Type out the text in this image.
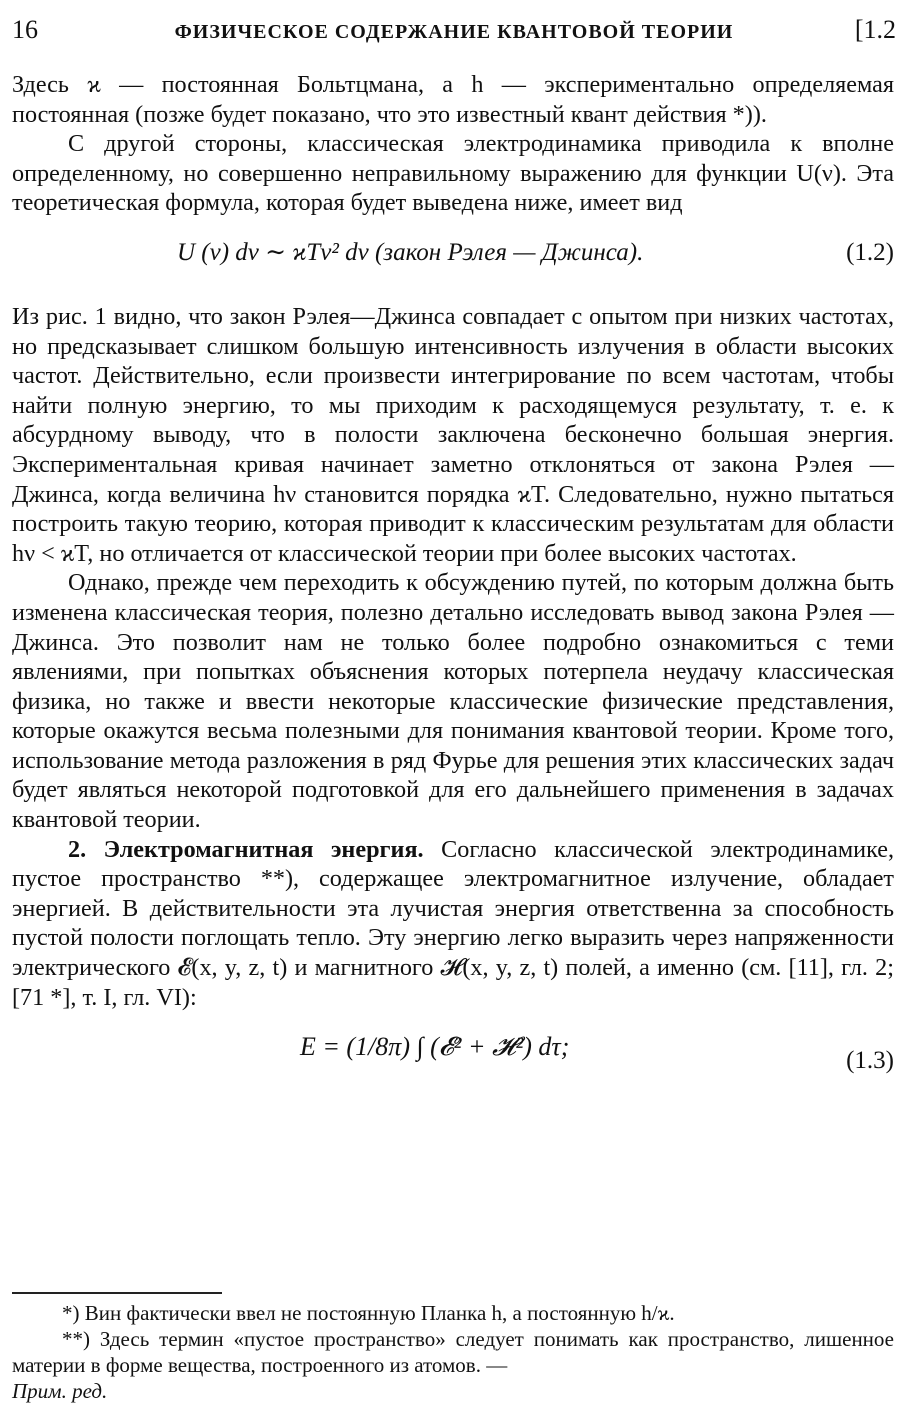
16	ФИЗИЧЕСКОЕ СОДЕРЖАНИЕ КВАНТОВОЙ ТЕОРИИ	[1.2

Здесь ϰ — постоянная Больтцмана, а h — экспериментально определяемая постоянная (позже будет показано, что это известный квант действия *)).

С другой стороны, классическая электродинамика приводила к вполне определенному, но совершенно неправильному выражению для функции U(ν). Эта теоретическая формула, которая будет выведена ниже, имеет вид

U (ν) dν ∼ ϰTν² dν (закон Рэлея — Джинса).	(1.2)

Из рис. 1 видно, что закон Рэлея—Джинса совпадает с опытом при низких частотах, но предсказывает слишком большую интенсивность излучения в области высоких частот. Действительно, если произвести интегрирование по всем частотам, чтобы найти полную энергию, то мы приходим к расходящемуся результату, т. е. к абсурдному выводу, что в полости заключена бесконечно большая энергия. Экспериментальная кривая начинает заметно отклоняться от закона Рэлея — Джинса, когда величина hν становится порядка ϰT. Следовательно, нужно пытаться построить такую теорию, которая приводит к классическим результатам для области hν < ϰT, но отличается от классической теории при более высоких частотах.

Однако, прежде чем переходить к обсуждению путей, по которым должна быть изменена классическая теория, полезно детально исследовать вывод закона Рэлея — Джинса. Это позволит нам не только более подробно ознакомиться с теми явлениями, при попытках объяснения которых потерпела неудачу классическая физика, но также и ввести некоторые классические физические представления, которые окажутся весьма полезными для понимания квантовой теории. Кроме того, использование метода разложения в ряд Фурье для решения этих классических задач будет являться некоторой подготовкой для его дальнейшего применения в задачах квантовой теории.

2. Электромагнитная энергия. Согласно классической электродинамике, пустое пространство **), содержащее электромагнитное излучение, обладает энергией. В действительности эта лучистая энергия ответственна за способность пустой полости поглощать тепло. Эту энергию легко выразить через напряженности электрического 𝓔(x, y, z, t) и магнитного 𝓗(x, y, z, t) полей, а именно (см. [11], гл. 2; [71 *], т. I, гл. VI):

E = (1/8π) ∫ (𝓔² + 𝓗²) dτ;	(1.3)

*) Вин фактически ввел не постоянную Планка h, а постоянную h/ϰ.

**) Здесь термин «пустое пространство» следует понимать как пространство, лишенное материи в форме вещества, построенного из атомов. —

Прим. ред.
